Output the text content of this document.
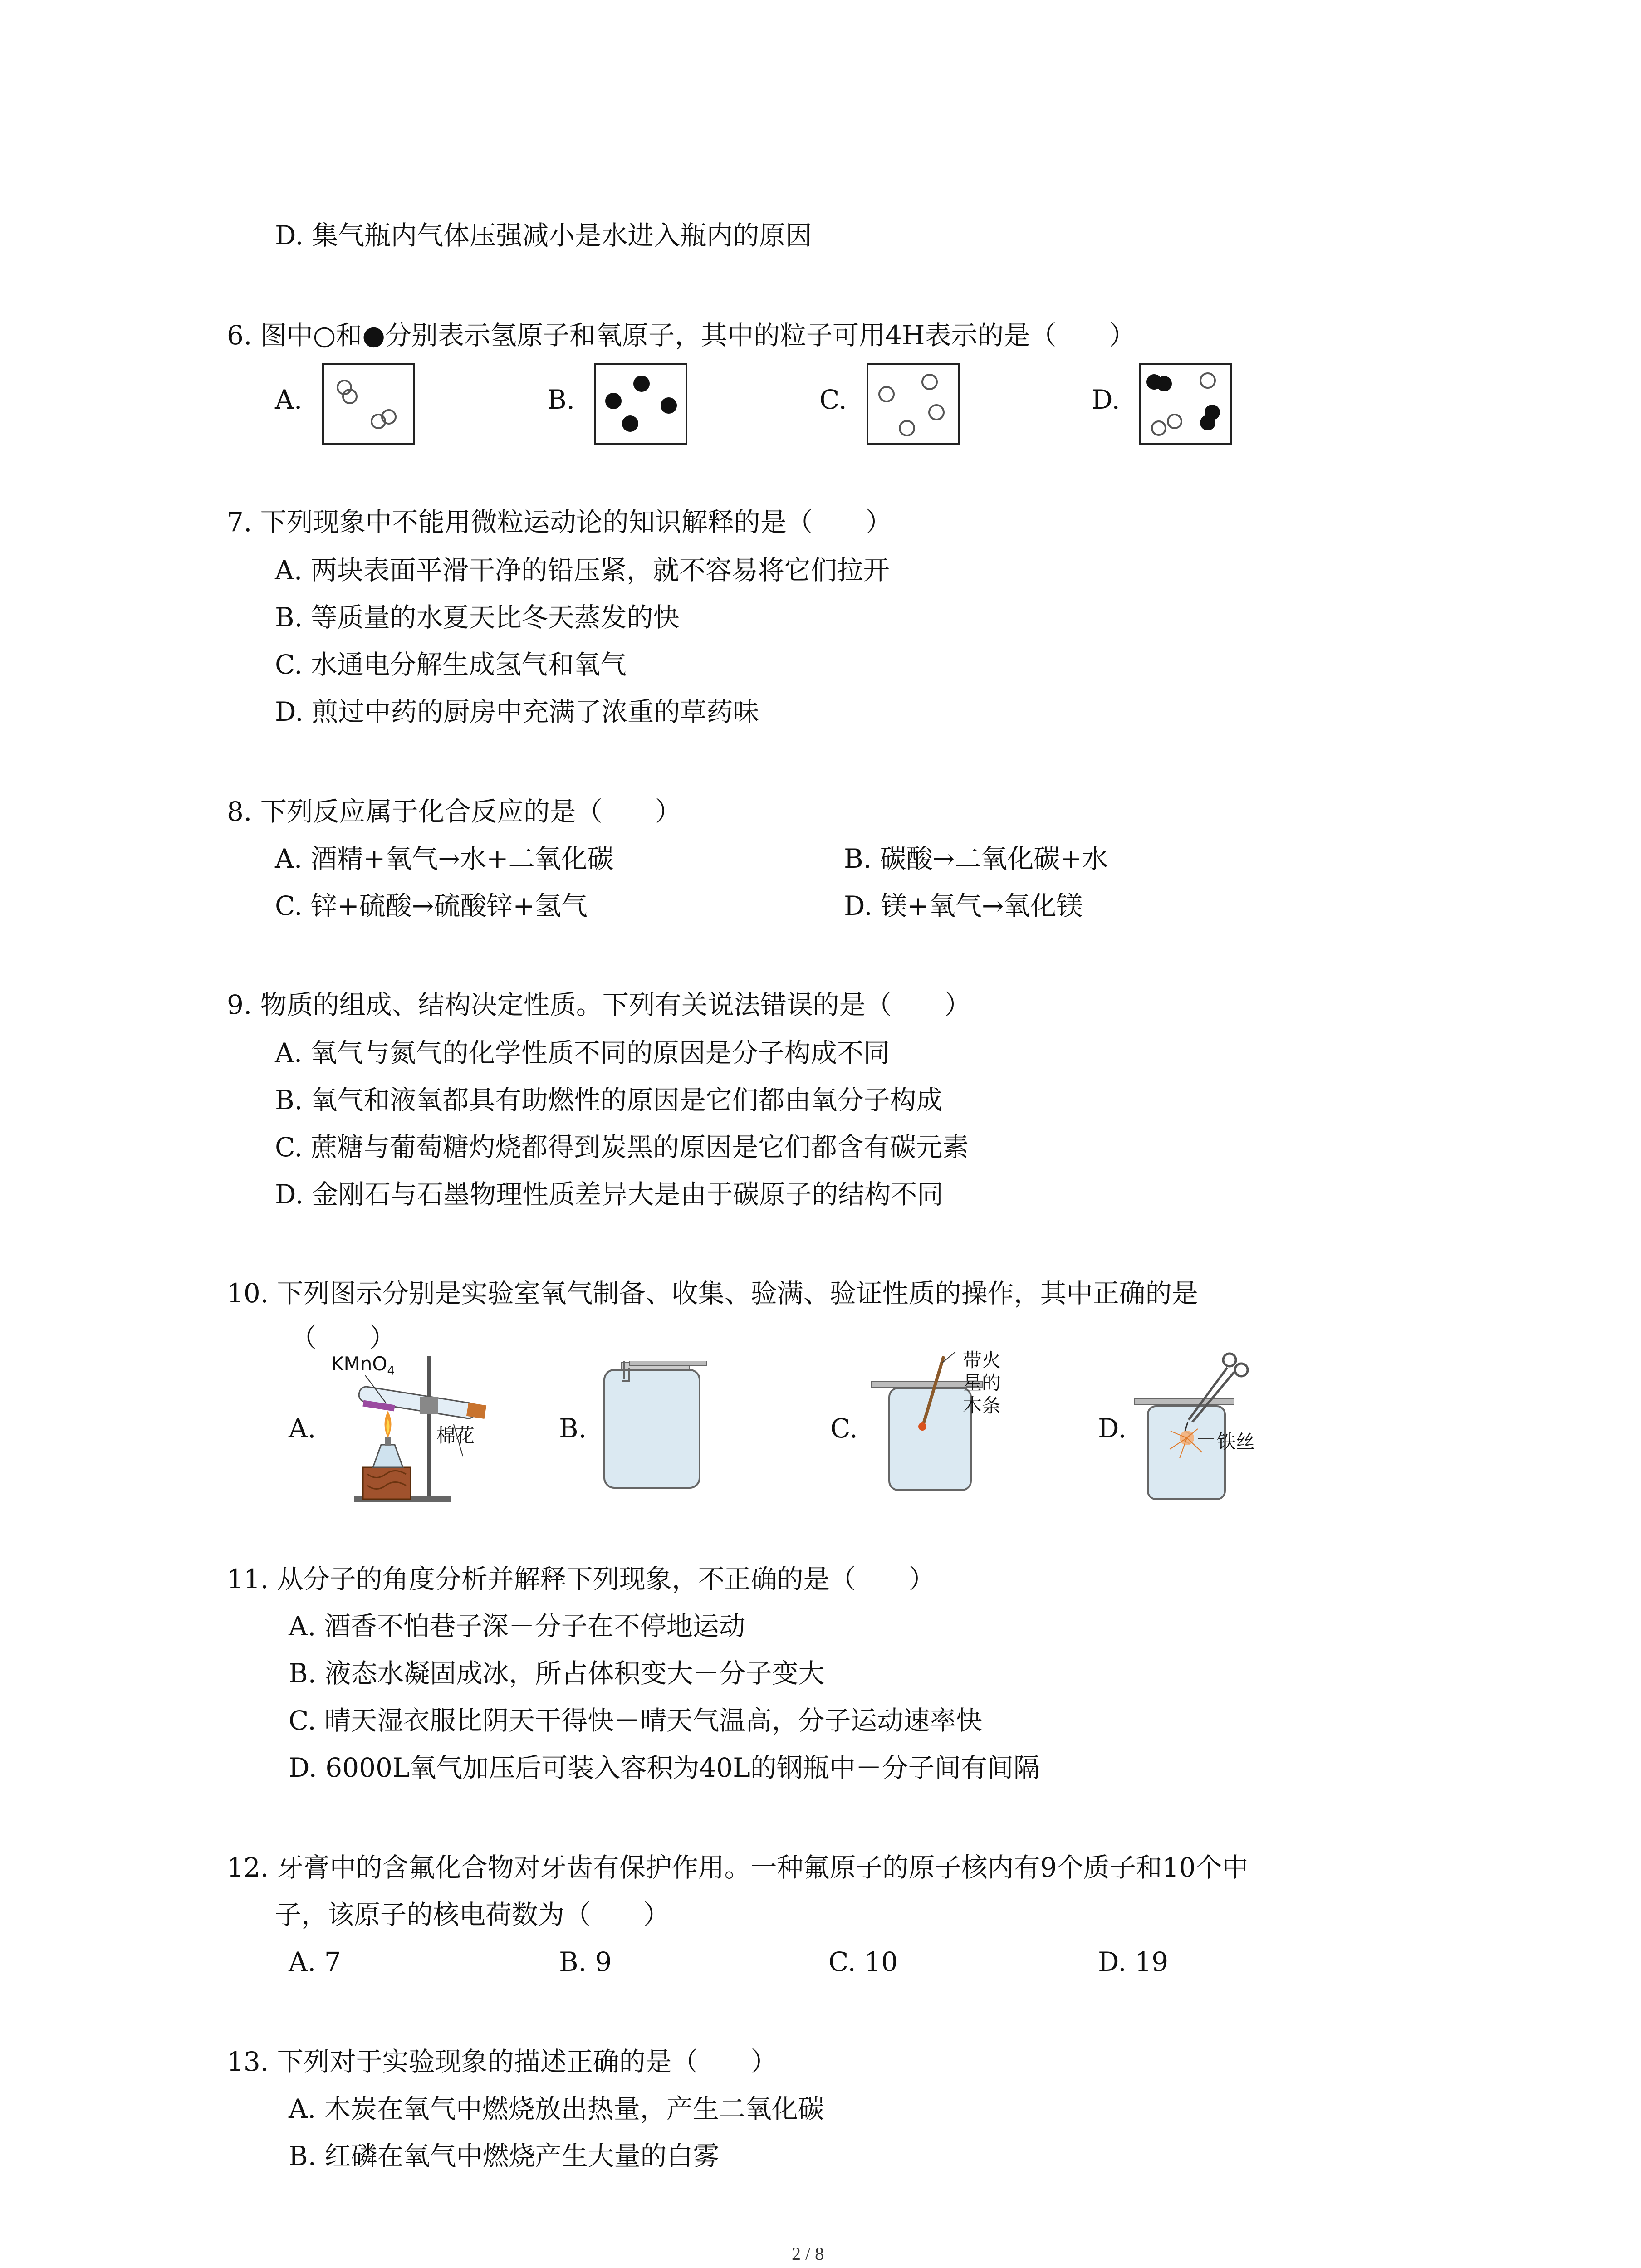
D. 集气瓶内气体压强减小是水进入瓶内的原因
6. 图中○和●分别表示氢原子和氧原子，其中的粒子可用4H表示的是（　　）
A.	B.	C.	D.
7. 下列现象中不能用微粒运动论的知识解释的是（　　）
A. 两块表面平滑干净的铅压紧，就不容易将它们拉开
B. 等质量的水夏天比冬天蒸发的快
C. 水通电分解生成氢气和氧气
D. 煎过中药的厨房中充满了浓重的草药味
8. 下列反应属于化合反应的是（　　）
A. 酒精+氧气→水+二氧化碳	B. 碳酸→二氧化碳+水
C. 锌+硫酸→硫酸锌+氢气	D. 镁+氧气→氧化镁
9. 物质的组成、结构决定性质。下列有关说法错误的是（　　）
A. 氧气与氮气的化学性质不同的原因是分子构成不同
B. 氧气和液氧都具有助燃性的原因是它们都由氧分子构成
C. 蔗糖与葡萄糖灼烧都得到炭黑的原因是它们都含有碳元素
D. 金刚石与石墨物理性质差异大是由于碳原子的结构不同
10. 下列图示分别是实验室氧气制备、收集、验满、验证性质的操作，其中正确的是
（　　）
A.	B.	C.	D.
KMnO$_4$
棉花
带火
星的
木条
铁丝
11. 从分子的角度分析并解释下列现象，不正确的是（　　）
A. 酒香不怕巷子深－分子在不停地运动
B. 液态水凝固成冰，所占体积变大－分子变大
C. 晴天湿衣服比阴天干得快－晴天气温高，分子运动速率快
D. 6000L氧气加压后可装入容积为40L的钢瓶中－分子间有间隔
12. 牙膏中的含氟化合物对牙齿有保护作用。一种氟原子的原子核内有9个质子和10个中
子，该原子的核电荷数为（　　）
A. 7	B. 9	C. 10	D. 19
13. 下列对于实验现象的描述正确的是（　　）
A. 木炭在氧气中燃烧放出热量，产生二氧化碳
B. 红磷在氧气中燃烧产生大量的白雾
2 / 8
